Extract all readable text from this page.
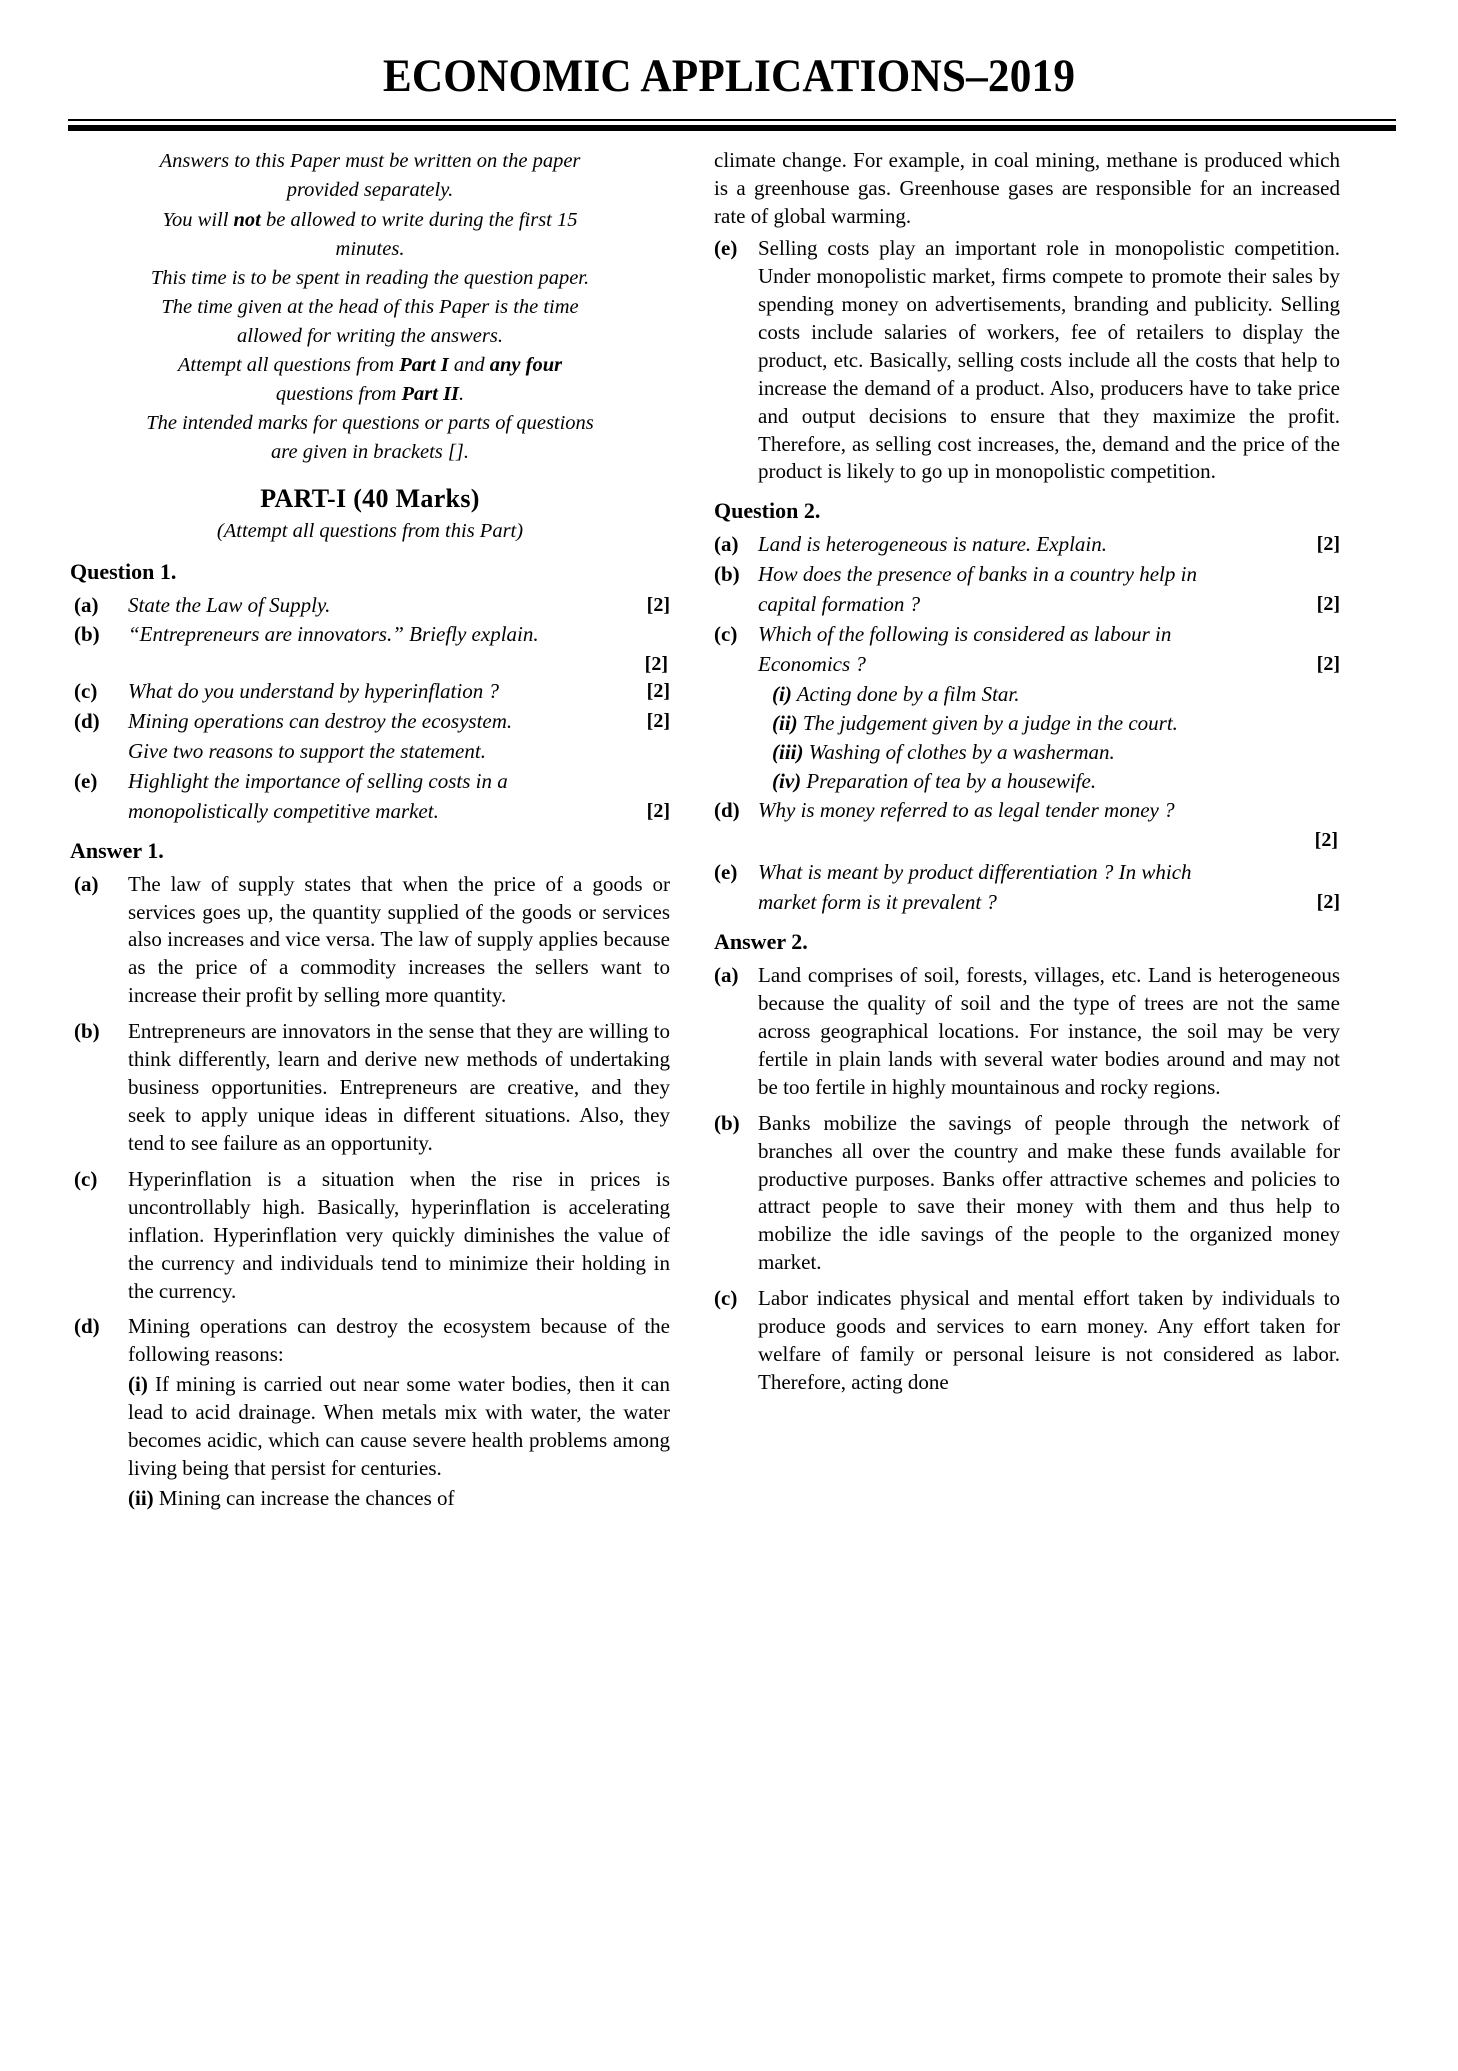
ECONOMIC APPLICATIONS–2019
Answers to this Paper must be written on the paper
provided separately.
You will not be allowed to write during the first 15
minutes.
This time is to be spent in reading the question paper.
The time given at the head of this Paper is the time
allowed for writing the answers.
Attempt all questions from Part I and any four
questions from Part II.
The intended marks for questions or parts of questions
are given in brackets [].
PART-I (40 Marks)
(Attempt all questions from this Part)
Question 1.
(a)	State the Law of Supply.	[2]
(b)	“Entrepreneurs are innovators.” Briefly explain.
[2]
(c)	What do you understand by hyperinflation ?	[2]
(d)	Mining operations can destroy the ecosystem.	[2]
Give two reasons to support the statement.
(e)	Highlight the importance of selling costs in a
monopolistically competitive market.	[2]
Answer 1.
(a)	The law of supply states that when the price of a goods or services goes up, the quantity supplied of the goods or services also increases and vice versa. The law of supply applies because as the price of a commodity increases the sellers want to increase their profit by selling more quantity.
(b)	Entrepreneurs are innovators in the sense that they are willing to think differently, learn and derive new methods of undertaking business opportunities. Entrepreneurs are creative, and they seek to apply unique ideas in different situations. Also, they tend to see failure as an opportunity.
(c)	Hyperinflation is a situation when the rise in prices is uncontrollably high. Basically, hyperinflation is accelerating inflation. Hyperinflation very quickly diminishes the value of the currency and individuals tend to minimize their holding in the currency.
(d)	Mining operations can destroy the ecosystem because of the following reasons:
(i) If mining is carried out near some water bodies, then it can lead to acid drainage. When metals mix with water, the water becomes acidic, which can cause severe health problems among living being that persist for centuries.
(ii) Mining can increase the chances of
climate change. For example, in coal mining, methane is produced which is a greenhouse gas. Greenhouse gases are responsible for an increased rate of global warming.
(e) Selling costs play an important role in monopolistic competition. Under monopolistic market, firms compete to promote their sales by spending money on advertisements, branding and publicity. Selling costs include salaries of workers, fee of retailers to display the product, etc. Basically, selling costs include all the costs that help to increase the demand of a product. Also, producers have to take price and output decisions to ensure that they maximize the profit. Therefore, as selling cost increases, the, demand and the price of the product is likely to go up in monopolistic competition.
Question 2.
(a) Land is heterogeneous is nature. Explain.	[2]
(b) How does the presence of banks in a country help in
capital formation ?	[2]
(c) Which of the following is considered as labour in
Economics ?	[2]
(i) Acting done by a film Star.
(ii) The judgement given by a judge in the court.
(iii) Washing of clothes by a washerman.
(iv) Preparation of tea by a housewife.
(d) Why is money referred to as legal tender money ?
[2]
(e) What is meant by product differentiation ? In which
market form is it prevalent ?	[2]
Answer 2.
(a) Land comprises of soil, forests, villages, etc. Land is heterogeneous because the quality of soil and the type of trees are not the same across geographical locations. For instance, the soil may be very fertile in plain lands with several water bodies around and may not be too fertile in highly mountainous and rocky regions.
(b) Banks mobilize the savings of people through the network of branches all over the country and make these funds available for productive purposes. Banks offer attractive schemes and policies to attract people to save their money with them and thus help to mobilize the idle savings of the people to the organized money market.
(c) Labor indicates physical and mental effort taken by individuals to produce goods and services to earn money. Any effort taken for welfare of family or personal leisure is not considered as labor. Therefore, acting done
